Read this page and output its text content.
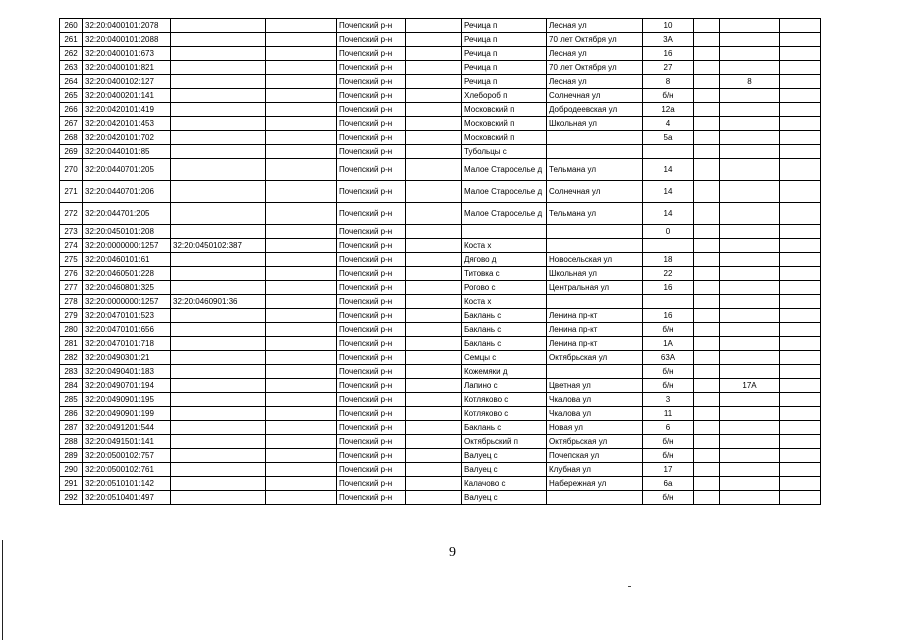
260	32:20:0400101:2078			Почепский р-н		Речица п	Лесная ул	10			
261	32:20:0400101:2088			Почепский р-н		Речица п	70 лет Октября ул	3А			
262	32:20:0400101:673			Почепский р-н		Речица п	Лесная ул	16			
263	32:20:0400101:821			Почепский р-н		Речица п	70 лет Октября ул	27			
264	32:20:0400102:127			Почепский р-н		Речица п	Лесная ул	8		8	
265	32:20:0400201:141			Почепский р-н		Хлебороб п	Солнечная ул	б/н			
266	32:20:0420101:419			Почепский р-н		Московский п	Добродеевская ул	12а			
267	32:20:0420101:453			Почепский р-н		Московский п	Школьная ул	4			
268	32:20:0420101:702			Почепский р-н		Московский п		5а			
269	32:20:0440101:85			Почепский р-н		Тубольцы с					
270	32:20:0440701:205			Почепский р-н		Малое Староселье д	Тельмана ул	14			
271	32:20:0440701:206			Почепский р-н		Малое Староселье д	Солнечная ул	14			
272	32:20:044701:205			Почепский р-н		Малое Староселье д	Тельмана ул	14			
273	32:20:0450101:208			Почепский р-н				0			
274	32:20:0000000:1257	32:20:0450102:387		Почепский р-н		Коста х					
275	32:20:0460101:61			Почепский р-н		Дягово д	Новосельская ул	18			
276	32:20:0460501:228			Почепский р-н		Титовка с	Школьная ул	22			
277	32:20:0460801:325			Почепский р-н		Рогово с	Центральная ул	16			
278	32:20:0000000:1257	32:20:0460901:36		Почепский р-н		Коста х					
279	32:20:0470101:523			Почепский р-н		Баклань с	Ленина пр-кт	16			
280	32:20:0470101:656			Почепский р-н		Баклань с	Ленина пр-кт	б/н			
281	32:20:0470101:718			Почепский р-н		Баклань с	Ленина пр-кт	1А			
282	32:20:0490301:21			Почепский р-н		Семцы с	Октябрьская ул	63А			
283	32:20:0490401:183			Почепский р-н		Кожемяки д		б/н			
284	32:20:0490701:194			Почепский р-н		Лапино с	Цветная ул	б/н		17А	
285	32:20:0490901:195			Почепский р-н		Котляково с	Чкалова ул	3			
286	32:20:0490901:199			Почепский р-н		Котляково с	Чкалова ул	11			
287	32:20:0491201:544			Почепский р-н		Баклань с	Новая ул	6			
288	32:20:0491501:141			Почепский р-н		Октябрьский п	Октябрьская ул	б/н			
289	32:20:0500102:757			Почепский р-н		Валуец с	Почепская ул	б/н			
290	32:20:0500102:761			Почепский р-н		Валуец с	Клубная ул	17			
291	32:20:0510101:142			Почепский р-н		Калачово с	Набережная ул	6а			
292	32:20:0510401:497			Почепский р-н		Валуец с		б/н			
9
